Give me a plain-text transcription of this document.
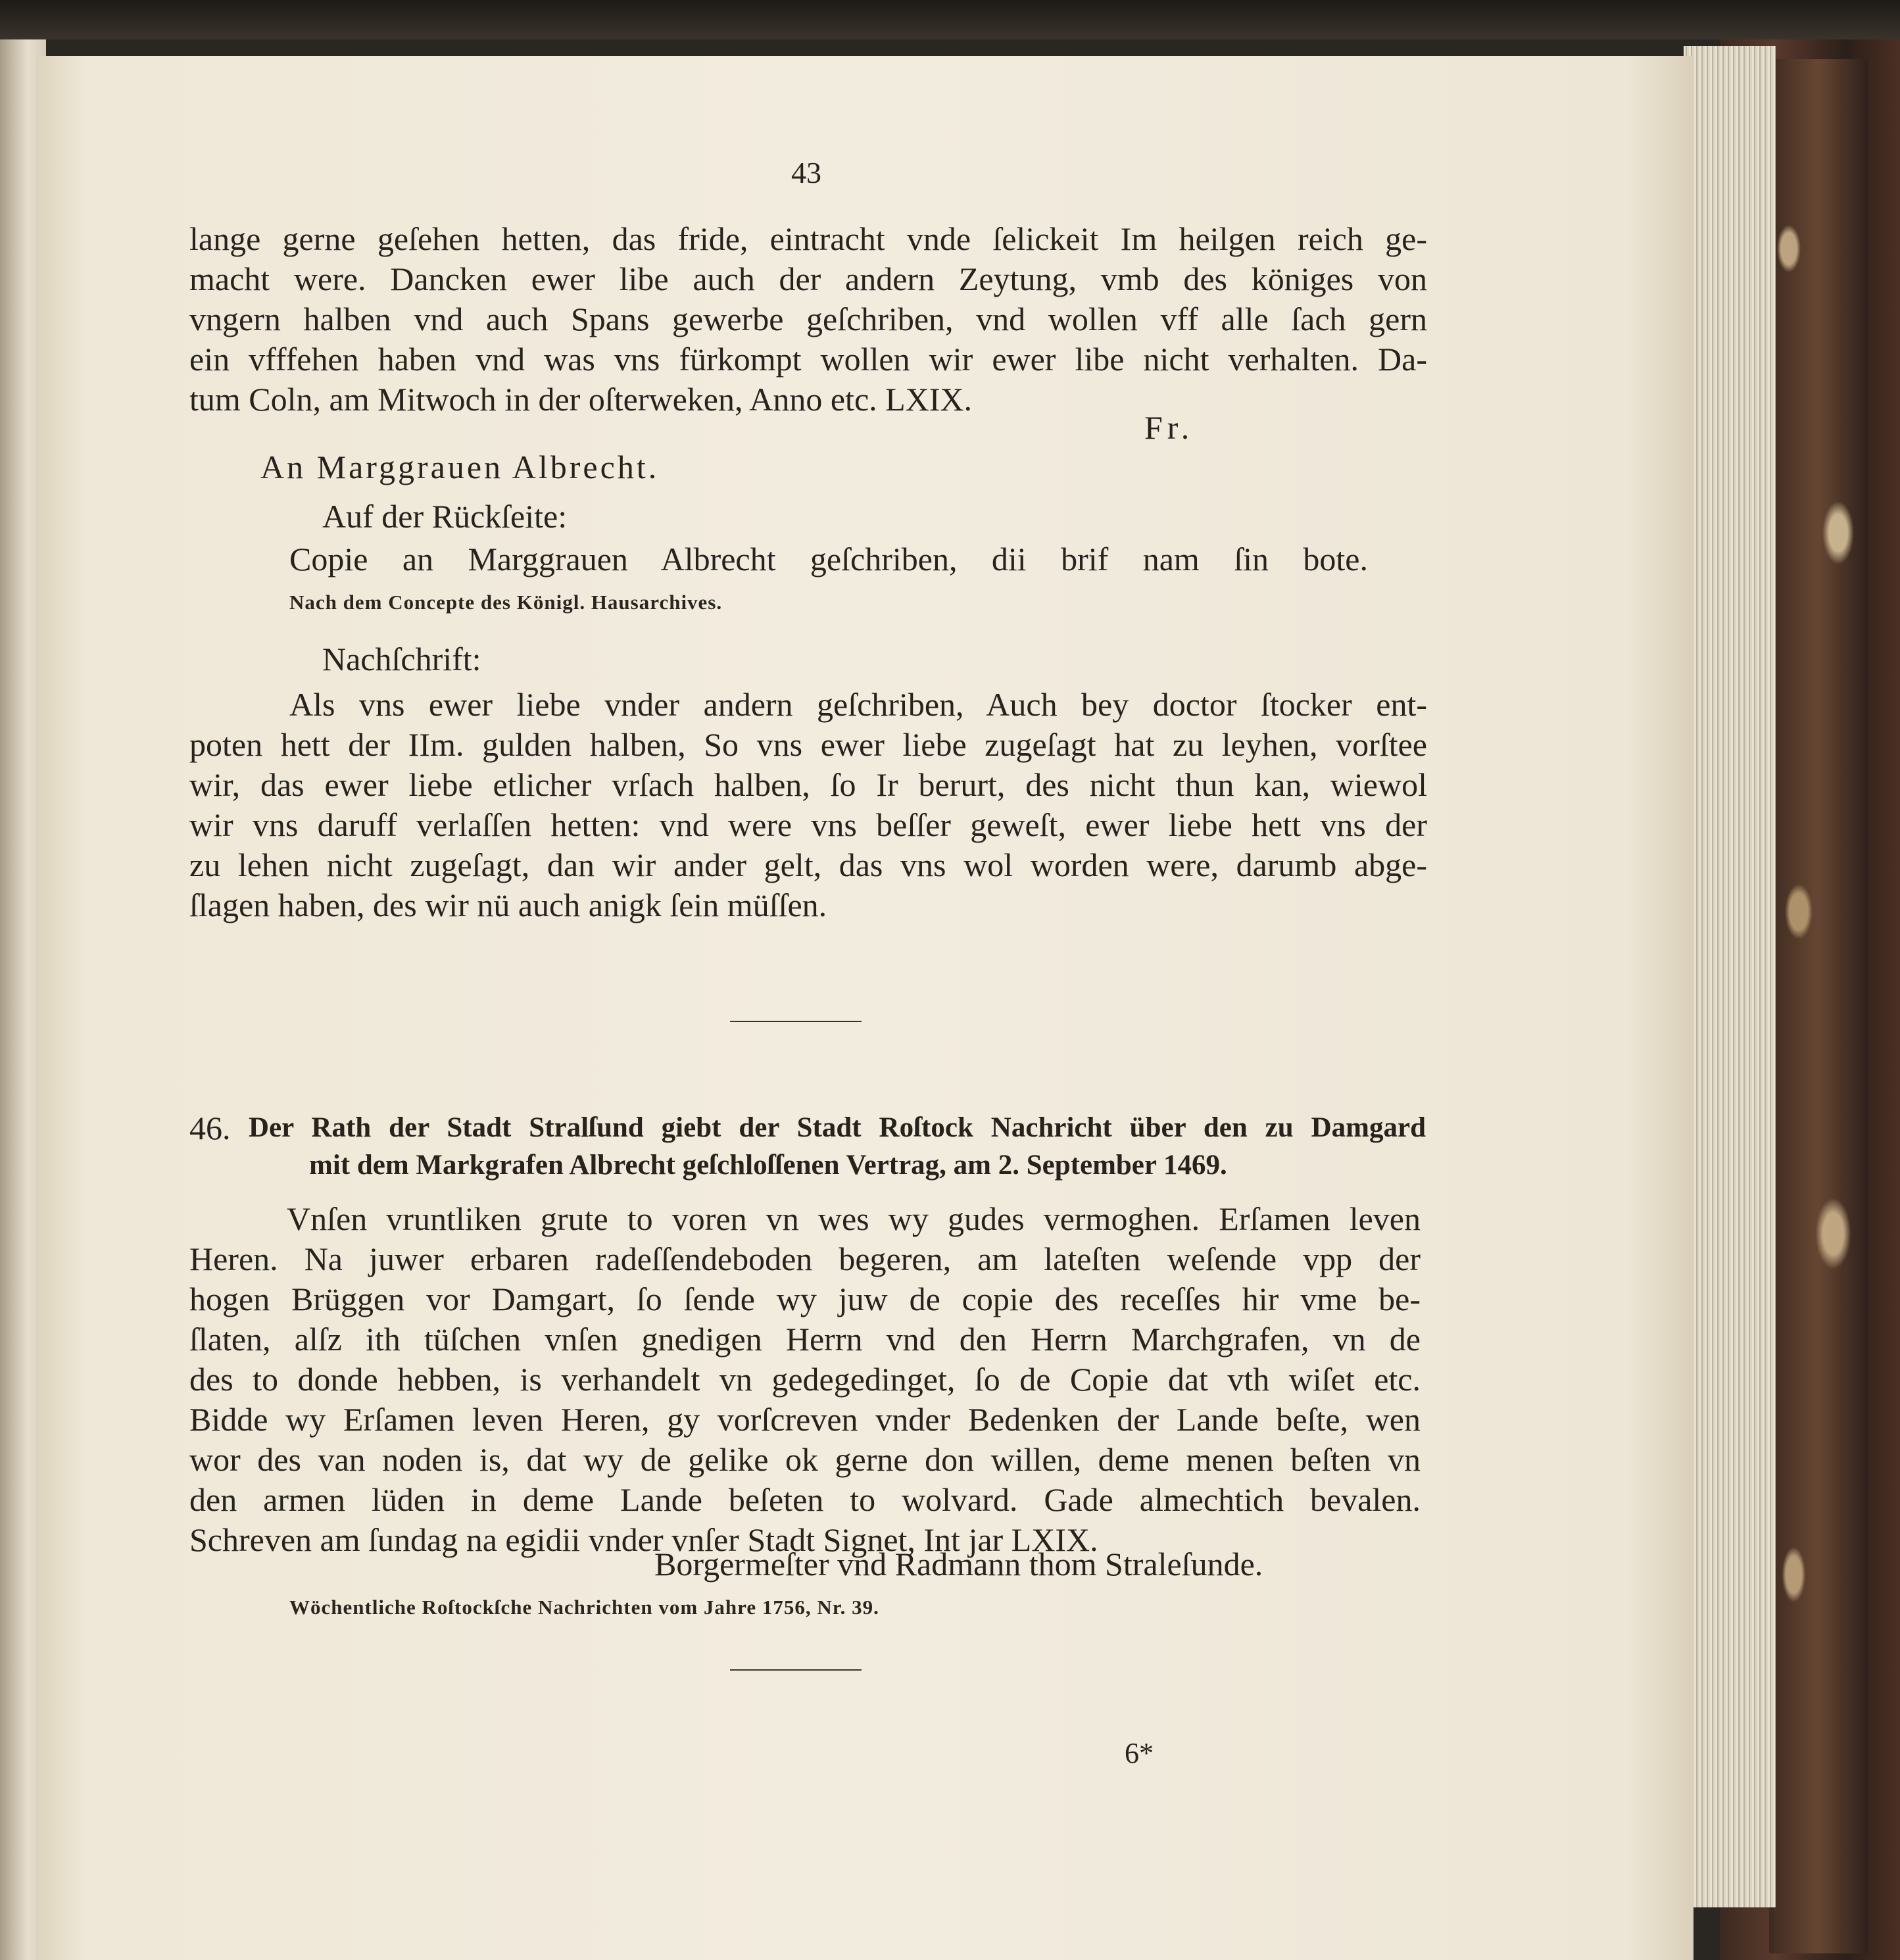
43
lange gerne geſehen hetten, das fride, eintracht vnde ſelickeit Im heilgen reich ge-
macht were. Dancken ewer libe auch der andern Zeytung, vmb des königes von
vngern halben vnd auch Spans gewerbe geſchriben, vnd wollen vff alle ſach gern
ein vfffehen haben vnd was vns fürkompt wollen wir ewer libe nicht verhalten. Da-
tum Coln, am Mitwoch in der oſterweken, Anno etc. LXIX.
Fr.
An Marggrauen Albrecht.
Auf der Rückſeite:
Copie an Marggrauen Albrecht geſchriben, dii brif nam ſin bote.
Nach dem Concepte des Königl. Hausarchives.
Nachſchrift:
Als vns ewer liebe vnder andern geſchriben, Auch bey doctor ſtocker ent-
poten hett der IIm. gulden halben, So vns ewer liebe zugeſagt hat zu leyhen, vorſtee
wir, das ewer liebe etlicher vrſach halben, ſo Ir berurt, des nicht thun kan, wiewol
wir vns daruff verlaſſen hetten: vnd were vns beſſer geweſt, ewer liebe hett vns der
zu lehen nicht zugeſagt, dan wir ander gelt, das vns wol worden were, darumb abge-
ſlagen haben, des wir nü auch anigk ſein müſſen.
46. Der Rath der Stadt Stralſund giebt der Stadt Roſtock Nachricht über den zu Damgard
mit dem Markgrafen Albrecht geſchloſſenen Vertrag, am 2. September 1469.
Vnſen vruntliken grute to voren vn wes wy gudes vermoghen. Erſamen leven
Heren. Na juwer erbaren radeſſendeboden begeren, am lateſten weſende vpp der
hogen Brüggen vor Damgart, ſo ſende wy juw de copie des receſſes hir vme be-
ſlaten, alſz ith tüſchen vnſen gnedigen Herrn vnd den Herrn Marchgrafen, vn de
des to donde hebben, is verhandelt vn gedegedinget, ſo de Copie dat vth wiſet etc.
Bidde wy Erſamen leven Heren, gy vorſcreven vnder Bedenken der Lande beſte, wen
wor des van noden is, dat wy de gelike ok gerne don willen, deme menen beſten vn
den armen lüden in deme Lande beſeten to wolvard. Gade almechtich bevalen.
Schreven am ſundag na egidii vnder vnſer Stadt Signet, Int jar LXIX.
Borgermeſter vnd Radmann thom Straleſunde.
Wöchentliche Roſtockſche Nachrichten vom Jahre 1756, Nr. 39.
6*
